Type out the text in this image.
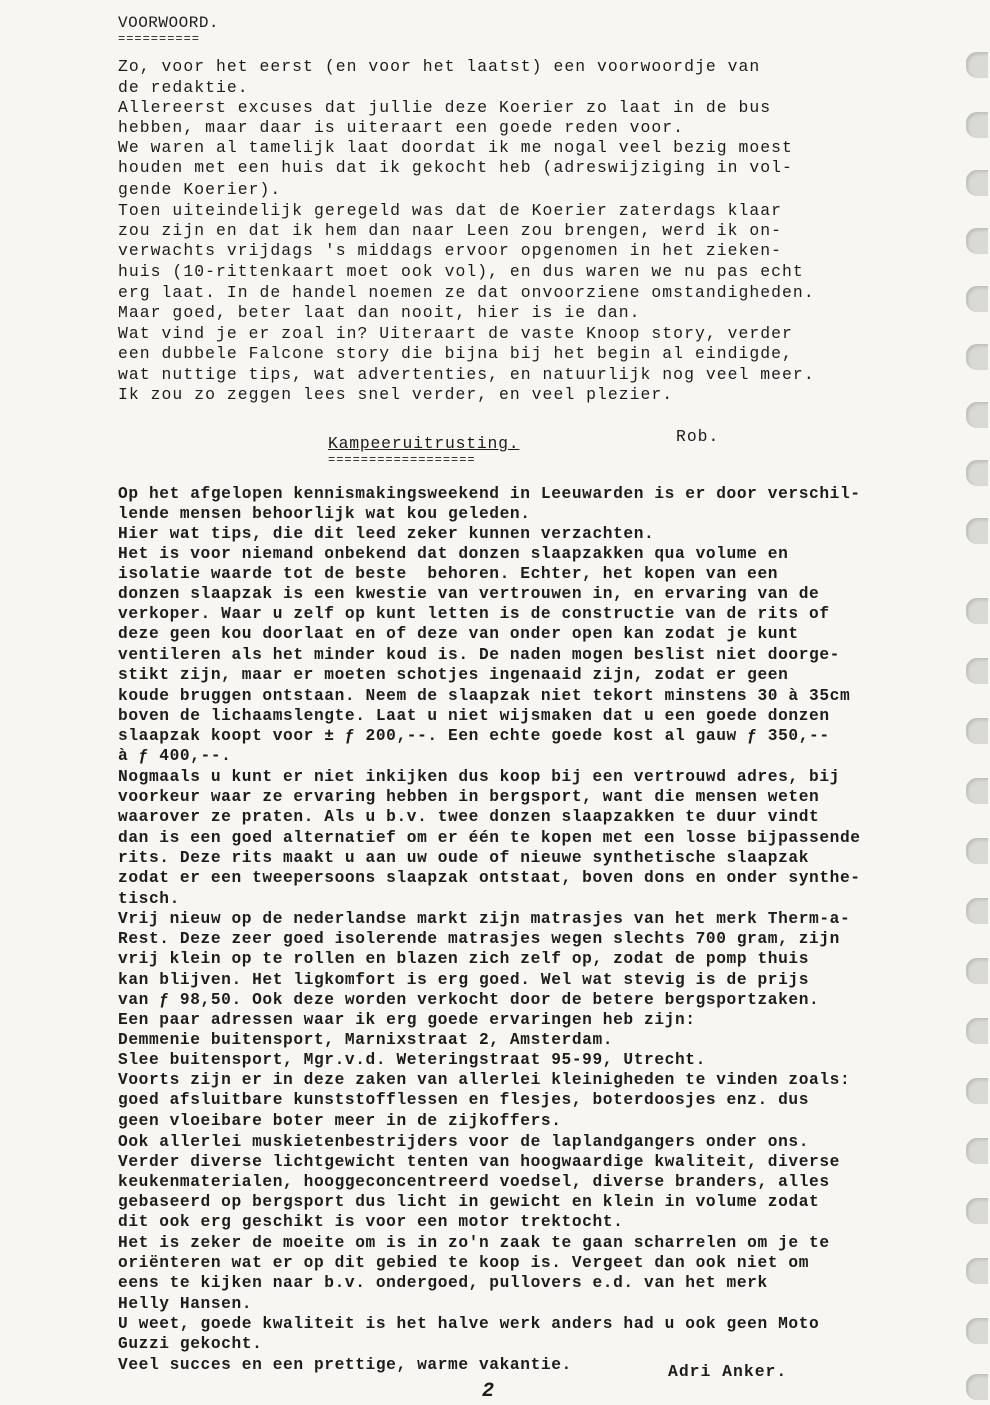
VOORWOORD.
==========
Zo, voor het eerst (en voor het laatst) een voorwoordje van
de redaktie.
Allereerst excuses dat jullie deze Koerier zo laat in de bus
hebben, maar daar is uiteraart een goede reden voor.
We waren al tamelijk laat doordat ik me nogal veel bezig moest
houden met een huis dat ik gekocht heb (adreswijziging in vol-
gende Koerier).
Toen uiteindelijk geregeld was dat de Koerier zaterdags klaar
zou zijn en dat ik hem dan naar Leen zou brengen, werd ik on-
verwachts vrijdags 's middags ervoor opgenomen in het zieken-
huis (10-rittenkaart moet ook vol), en dus waren we nu pas echt
erg laat. In de handel noemen ze dat onvoorziene omstandigheden.
Maar goed, beter laat dan nooit, hier is ie dan.
Wat vind je er zoal in? Uiteraart de vaste Knoop story, verder
een dubbele Falcone story die bijna bij het begin al eindigde,
wat nuttige tips, wat advertenties, en natuurlijk nog veel meer.
Ik zou zo zeggen lees snel verder, en veel plezier.
Rob.
Kampeeruitrusting.
==================
Op het afgelopen kennismakingsweekend in Leeuwarden is er door verschil-
lende mensen behoorlijk wat kou geleden.
Hier wat tips, die dit leed zeker kunnen verzachten.
Het is voor niemand onbekend dat donzen slaapzakken qua volume en
isolatie waarde tot de beste  behoren. Echter, het kopen van een
donzen slaapzak is een kwestie van vertrouwen in, en ervaring van de
verkoper. Waar u zelf op kunt letten is de constructie van de rits of
deze geen kou doorlaat en of deze van onder open kan zodat je kunt
ventileren als het minder koud is. De naden mogen beslist niet doorge-
stikt zijn, maar er moeten schotjes ingenaaid zijn, zodat er geen
koude bruggen ontstaan. Neem de slaapzak niet tekort minstens 30 à 35cm
boven de lichaamslengte. Laat u niet wijsmaken dat u een goede donzen
slaapzak koopt voor ± ƒ 200,--. Een echte goede kost al gauw ƒ 350,--
à ƒ 400,--.
Nogmaals u kunt er niet inkijken dus koop bij een vertrouwd adres, bij
voorkeur waar ze ervaring hebben in bergsport, want die mensen weten
waarover ze praten. Als u b.v. twee donzen slaapzakken te duur vindt
dan is een goed alternatief om er één te kopen met een losse bijpassende
rits. Deze rits maakt u aan uw oude of nieuwe synthetische slaapzak
zodat er een tweepersoons slaapzak ontstaat, boven dons en onder synthe-
tisch.
Vrij nieuw op de nederlandse markt zijn matrasjes van het merk Therm-a-
Rest. Deze zeer goed isolerende matrasjes wegen slechts 700 gram, zijn
vrij klein op te rollen en blazen zich zelf op, zodat de pomp thuis
kan blijven. Het ligkomfort is erg goed. Wel wat stevig is de prijs
van ƒ 98,50. Ook deze worden verkocht door de betere bergsportzaken.
Een paar adressen waar ik erg goede ervaringen heb zijn:
Demmenie buitensport, Marnixstraat 2, Amsterdam.
Slee buitensport, Mgr.v.d. Weteringstraat 95-99, Utrecht.
Voorts zijn er in deze zaken van allerlei kleinigheden te vinden zoals:
goed afsluitbare kunststofflessen en flesjes, boterdoosjes enz. dus
geen vloeibare boter meer in de zijkoffers.
Ook allerlei muskietenbestrijders voor de laplandgangers onder ons.
Verder diverse lichtgewicht tenten van hoogwaardige kwaliteit, diverse
keukenmaterialen, hooggeconcentreerd voedsel, diverse branders, alles
gebaseerd op bergsport dus licht in gewicht en klein in volume zodat
dit ook erg geschikt is voor een motor trektocht.
Het is zeker de moeite om is in zo'n zaak te gaan scharrelen om je te
oriënteren wat er op dit gebied te koop is. Vergeet dan ook niet om
eens te kijken naar b.v. ondergoed, pullovers e.d. van het merk
Helly Hansen.
U weet, goede kwaliteit is het halve werk anders had u ook geen Moto
Guzzi gekocht.
Veel succes en een prettige, warme vakantie.	Adri Anker.
2
